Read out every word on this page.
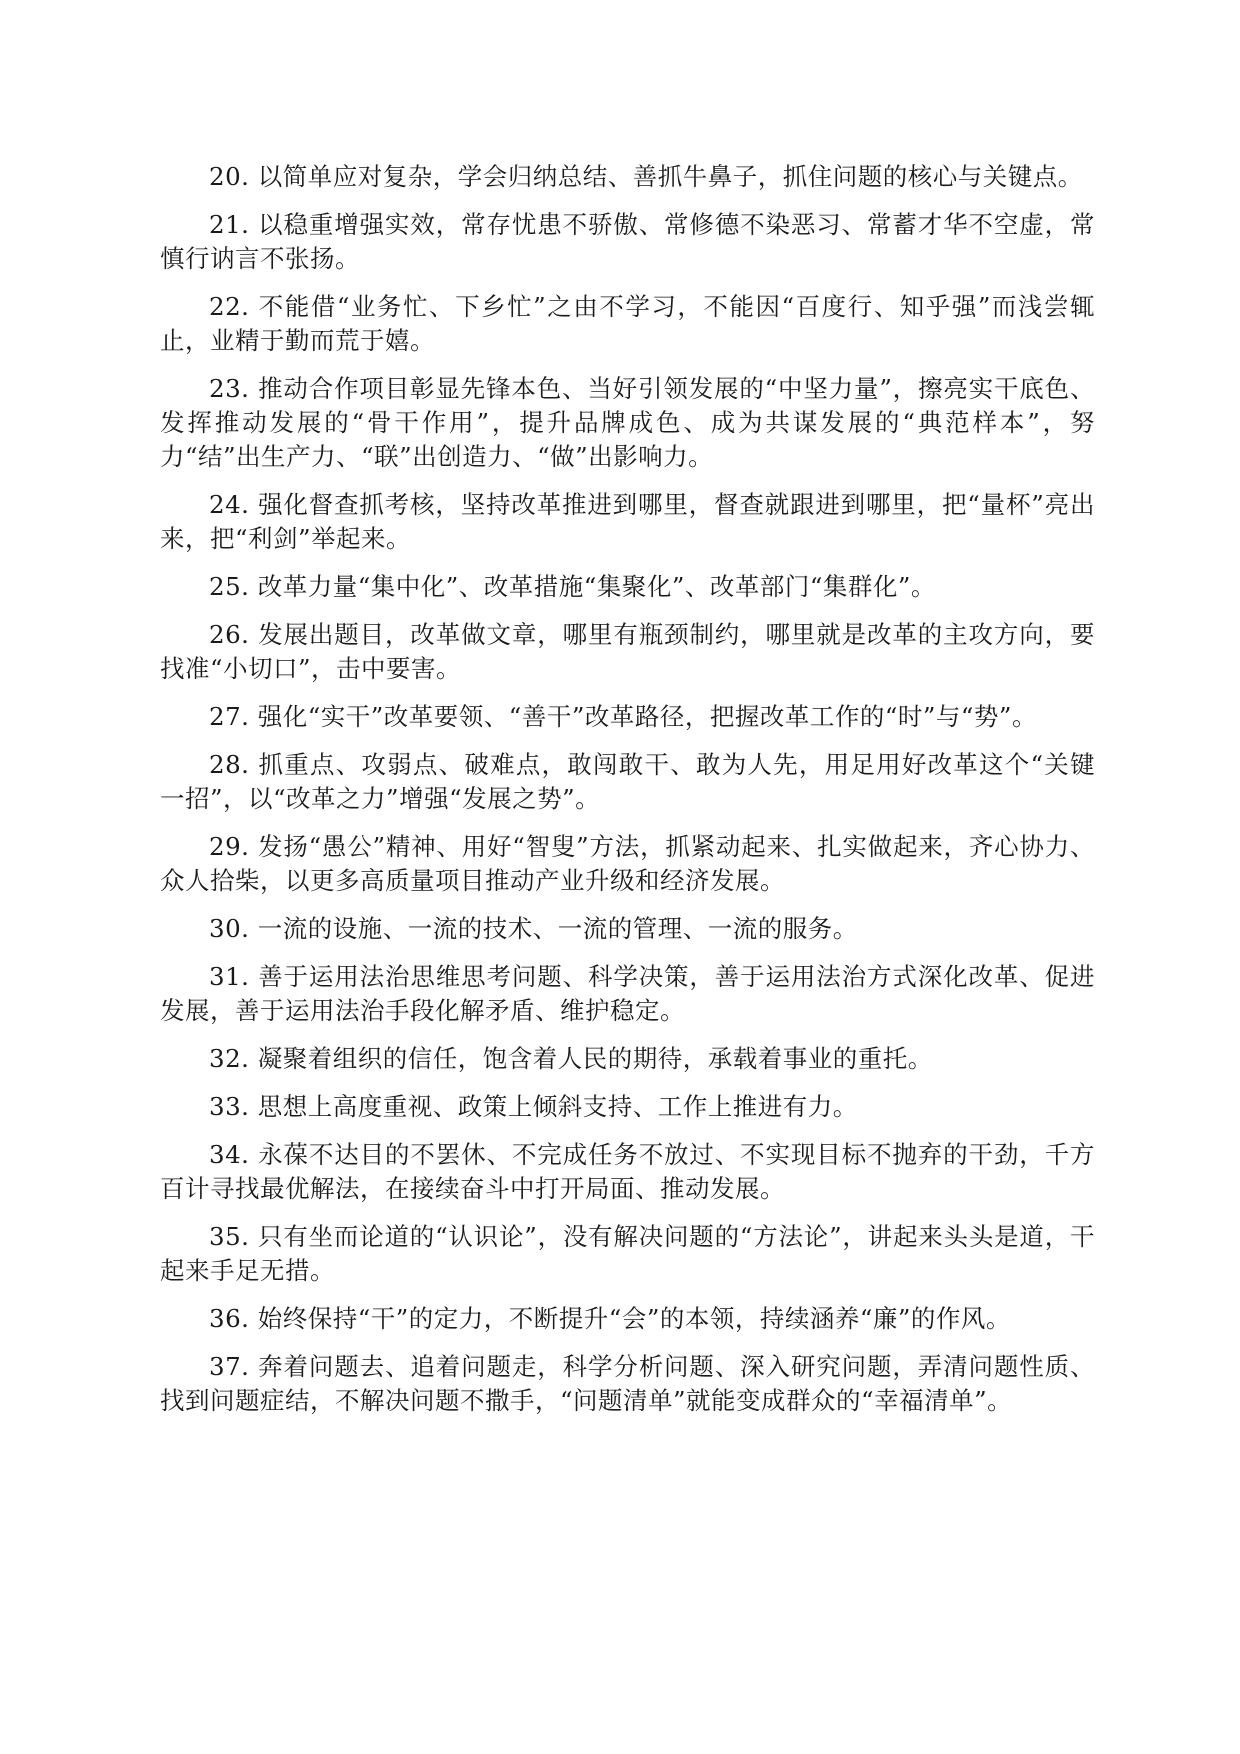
20. 以简单应对复杂，学会归纳总结、善抓牛鼻子，抓住问题的核心与关键点。

21. 以稳重增强实效，常存忧患不骄傲、常修德不染恶习、常蓄才华不空虚，常慎行讷言不张扬。

22. 不能借“业务忙、下乡忙”之由不学习，不能因“百度行、知乎强”而浅尝辄止，业精于勤而荒于嬉。

23. 推动合作项目彰显先锋本色、当好引领发展的“中坚力量”，擦亮实干底色、发挥推动发展的“骨干作用”，提升品牌成色、成为共谋发展的“典范样本”，努力“结”出生产力、“联”出创造力、“做”出影响力。

24. 强化督查抓考核，坚持改革推进到哪里，督查就跟进到哪里，把“量杯”亮出来，把“利剑”举起来。

25. 改革力量“集中化”、改革措施“集聚化”、改革部门“集群化”。

26. 发展出题目，改革做文章，哪里有瓶颈制约，哪里就是改革的主攻方向，要找准“小切口”，击中要害。

27. 强化“实干”改革要领、“善干”改革路径，把握改革工作的“时”与“势”。

28. 抓重点、攻弱点、破难点，敢闯敢干、敢为人先，用足用好改革这个“关键一招”，以“改革之力”增强“发展之势”。

29. 发扬“愚公”精神、用好“智叟”方法，抓紧动起来、扎实做起来，齐心协力、众人拾柴，以更多高质量项目推动产业升级和经济发展。

30. 一流的设施、一流的技术、一流的管理、一流的服务。

31. 善于运用法治思维思考问题、科学决策，善于运用法治方式深化改革、促进发展，善于运用法治手段化解矛盾、维护稳定。

32. 凝聚着组织的信任，饱含着人民的期待，承载着事业的重托。

33. 思想上高度重视、政策上倾斜支持、工作上推进有力。

34. 永葆不达目的不罢休、不完成任务不放过、不实现目标不抛弃的干劲，千方百计寻找最优解法，在接续奋斗中打开局面、推动发展。

35. 只有坐而论道的“认识论”，没有解决问题的“方法论”，讲起来头头是道，干起来手足无措。

36. 始终保持“干”的定力，不断提升“会”的本领，持续涵养“廉”的作风。

37. 奔着问题去、追着问题走，科学分析问题、深入研究问题，弄清问题性质、找到问题症结，不解决问题不撒手，“问题清单”就能变成群众的“幸福清单”。
